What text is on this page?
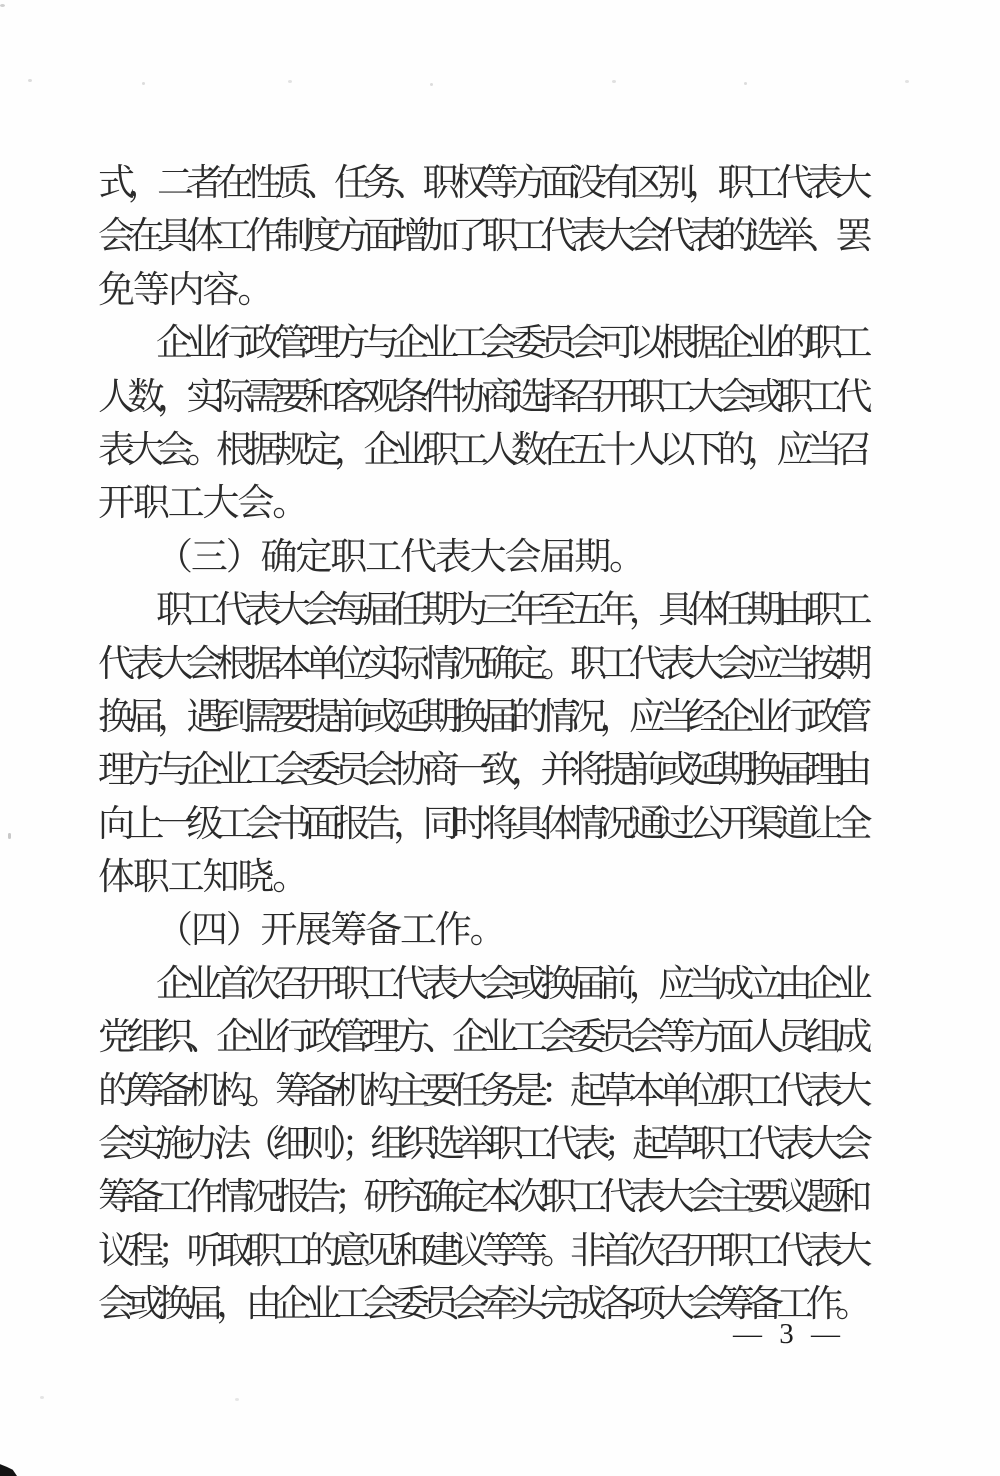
式，二者在性质、任务、职权等方面没有区别，职工代表大
会在具体工作制度方面增加了职工代表大会代表的选举、罢
免等内容。
企业行政管理方与企业工会委员会可以根据企业的职工
人数，实际需要和客观条件协商选择召开职工大会或职工代
表大会。根据规定，企业职工人数在五十人以下的，应当召
开职工大会。
（三）确定职工代表大会届期。
职工代表大会每届任期为三年至五年，具体任期由职工
代表大会根据本单位实际情况确定。职工代表大会应当按期
换届，遇到需要提前或延期换届的情况，应当经企业行政管
理方与企业工会委员会协商一致，并将提前或延期换届理由
向上一级工会书面报告，同时将具体情况通过公开渠道让全
体职工知晓。
（四）开展筹备工作。
企业首次召开职工代表大会或换届前，应当成立由企业
党组织、企业行政管理方、企业工会委员会等方面人员组成
的筹备机构。筹备机构主要任务是：起草本单位职工代表大
会实施办法（细则）；组织选举职工代表；起草职工代表大会
筹备工作情况报告；研究确定本次职工代表大会主要议题和
议程；听取职工的意见和建议等等。非首次召开职工代表大
会或换届，由企业工会委员会牵头完成各项大会筹备工作。
— 3 —
